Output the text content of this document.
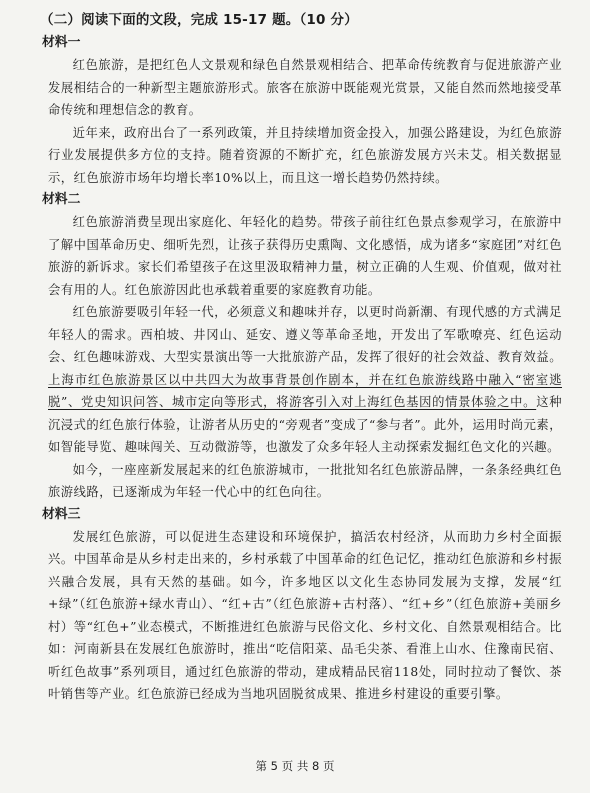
（二）阅读下面的文段，完成 15-17 题。（10 分）
材料一

红色旅游，是把红色人文景观和绿色自然景观相结合、把革命传统教育与促进旅游产业发展相结合的一种新型主题旅游形式。旅客在旅游中既能观光赏景，又能自然而然地接受革命传统和理想信念的教育。

近年来，政府出台了一系列政策，并且持续增加资金投入，加强公路建设，为红色旅游行业发展提供多方位的支持。随着资源的不断扩充，红色旅游发展方兴未艾。相关数据显示，红色旅游市场年均增长率10%以上，而且这一增长趋势仍然持续。

材料二

红色旅游消费呈现出家庭化、年轻化的趋势。带孩子前往红色景点参观学习，在旅游中了解中国革命历史、细听先烈，让孩子获得历史熏陶、文化感悟，成为诸多“家庭团”对红色旅游的新诉求。家长们希望孩子在这里汲取精神力量，树立正确的人生观、价值观，做对社会有用的人。红色旅游因此也承载着重要的家庭教育功能。

红色旅游要吸引年轻一代，必须意义和趣味并存，以更时尚新潮、有现代感的方式满足年轻人的需求。西柏坡、井冈山、延安、遵义等革命圣地，开发出了军歌嘹亮、红色运动会、红色趣味游戏、大型实景演出等一大批旅游产品，发挥了很好的社会效益、教育效益。上海市红色旅游景区以中共四大为故事背景创作剧本，并在红色旅游线路中融入“密室逃脱”、党史知识问答、城市定向等形式，将游客引入对上海红色基因的情景体验之中。这种沉浸式的红色旅行体验，让游者从历史的“旁观者”变成了“参与者”。此外，运用时尚元素，如智能导览、趣味闯关、互动微游等，也激发了众多年轻人主动探索发掘红色文化的兴趣。

如今，一座座新发展起来的红色旅游城市，一批批知名红色旅游品牌，一条条经典红色旅游线路，已逐渐成为年轻一代心中的红色向往。

材料三

发展红色旅游，可以促进生态建设和环境保护，搞活农村经济，从而助力乡村全面振兴。中国革命是从乡村走出来的，乡村承载了中国革命的红色记忆，推动红色旅游和乡村振兴融合发展，具有天然的基础。如今，许多地区以文化生态协同发展为支撑，发展“红+绿”（红色旅游+绿水青山）、“红+古”（红色旅游+古村落）、“红+乡”（红色旅游+美丽乡村）等“红色+”业态模式，不断推进红色旅游与民俗文化、乡村文化、自然景观相结合。比如：河南新县在发展红色旅游时，推出“吃信阳菜、品毛尖茶、看淮上山水、住豫南民宿、听红色故事”系列项目，通过红色旅游的带动，建成精品民宿118处，同时拉动了餐饮、茶叶销售等产业。红色旅游已经成为当地巩固脱贫成果、推进乡村建设的重要引擎。

第 5 页 共 8 页
